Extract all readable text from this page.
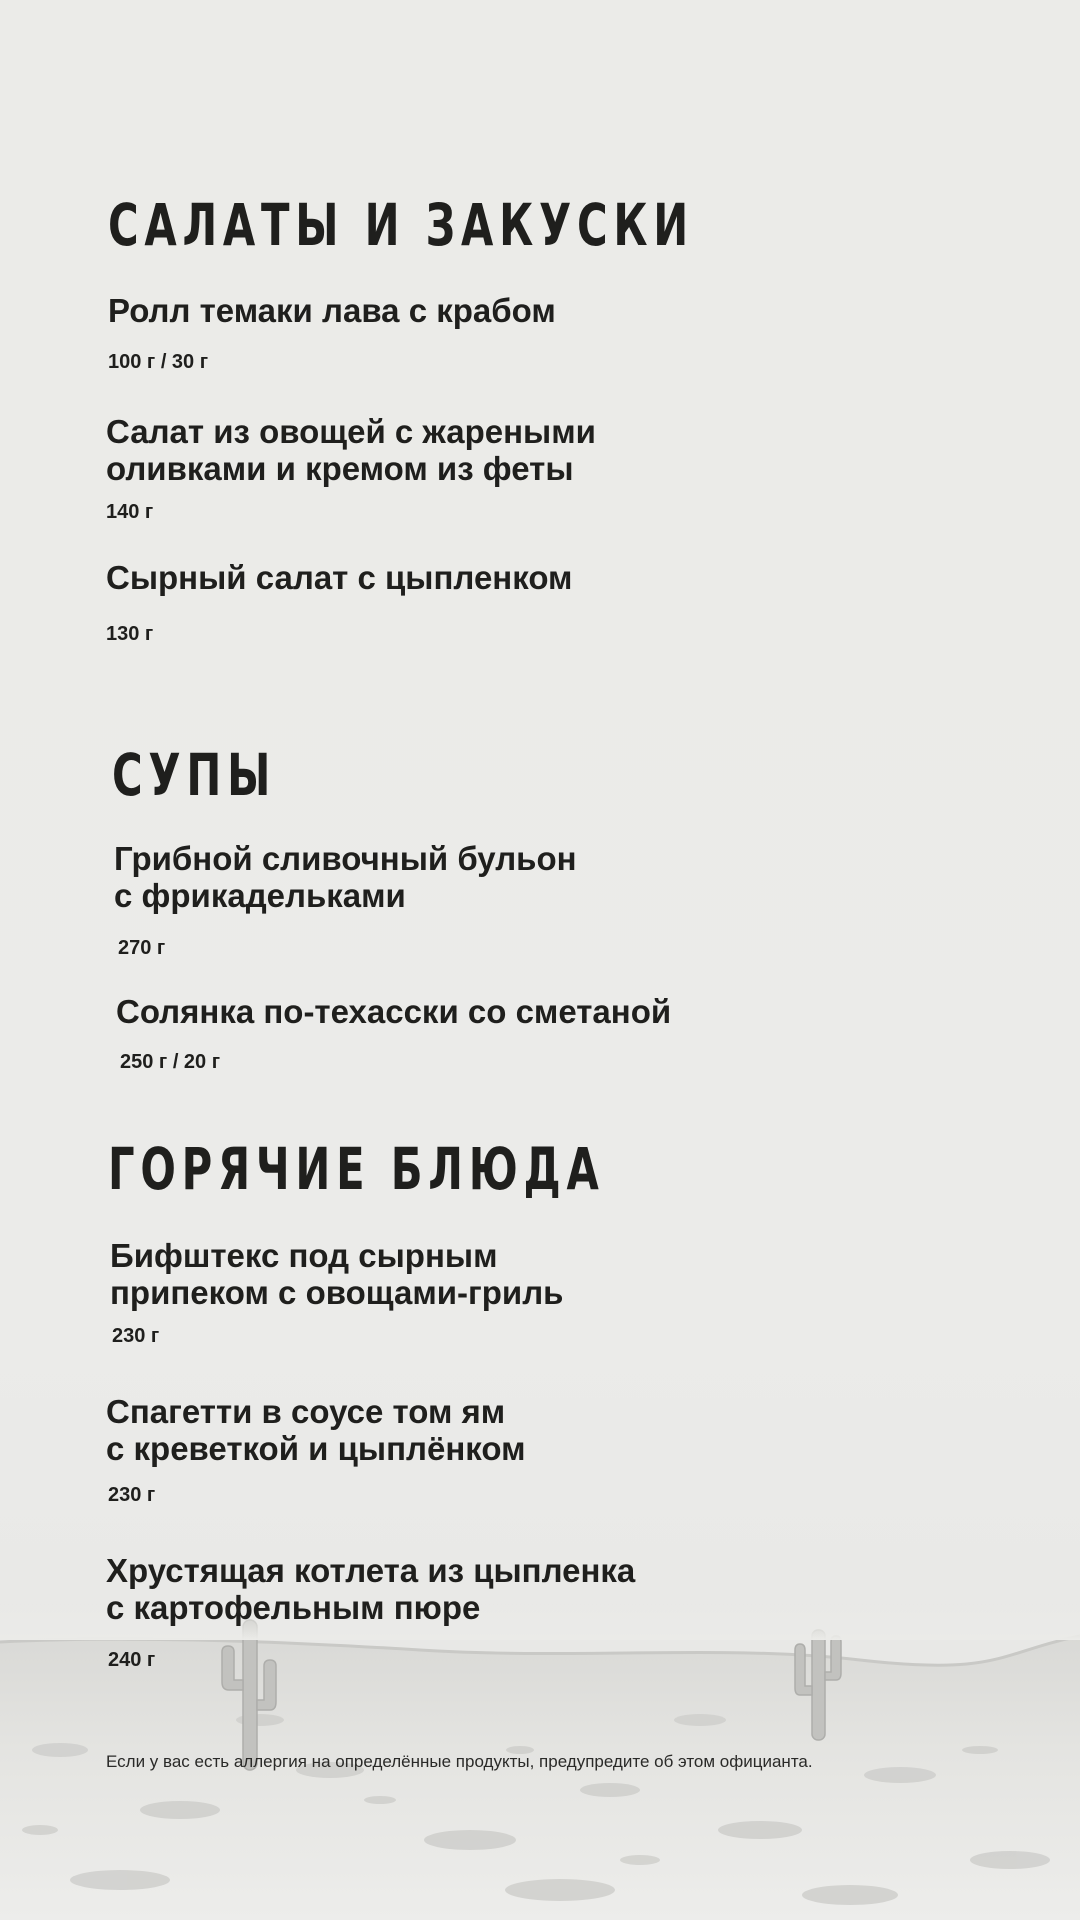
САЛАТЫ И ЗАКУСКИ

Ролл темаки лава с крабом

100 г / 30 г

Салат из овощей с жареными
оливками и кремом из феты

140 г

Сырный салат с цыпленком

130 г

СУПЫ

Грибной сливочный бульон
с фрикадельками

270 г

Солянка по-техасски со сметаной

250 г / 20 г

ГОРЯЧИЕ БЛЮДА

Бифштекс под сырным
припеком с овощами-гриль

230 г

Спагетти в соусе том ям
с креветкой и цыплёнком

230 г

Хрустящая котлета из цыпленка
с картофельным пюре

240 г

Если у вас есть аллергия на определённые продукты, предупредите об этом официанта.
